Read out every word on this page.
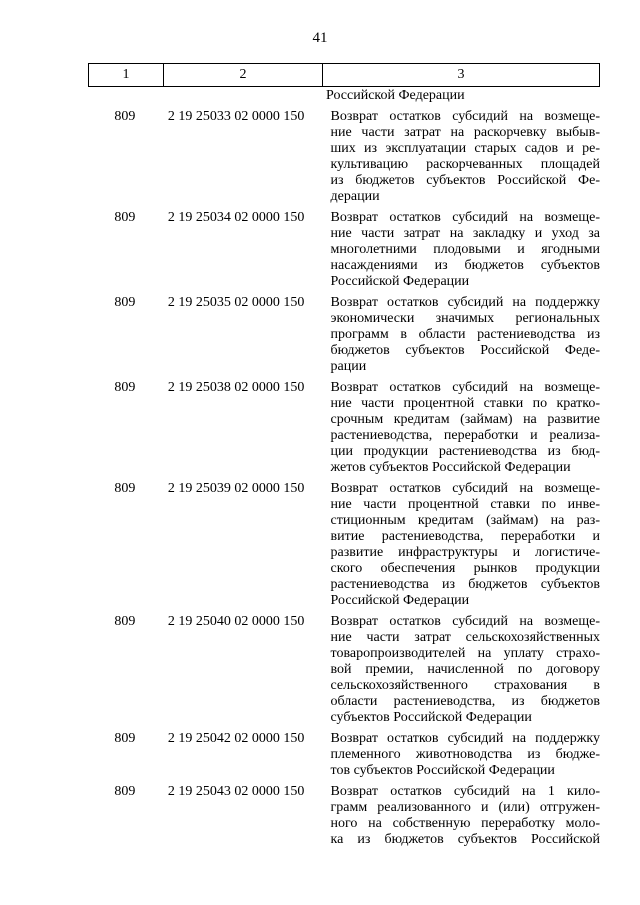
41
1	2	3
Российской Федерации
809	2 19 25033 02 0000 150	Возврат остатков субсидий на возмеще-
ние части затрат на раскорчевку выбыв-
ших из эксплуатации старых садов и ре-
культивацию раскорчеванных площадей
из бюджетов субъектов Российской Фе-
дерации
809	2 19 25034 02 0000 150	Возврат остатков субсидий на возмеще-
ние части затрат на закладку и уход за
многолетними плодовыми и ягодными
насаждениями из бюджетов субъектов
Российской Федерации
809	2 19 25035 02 0000 150	Возврат остатков субсидий на поддержку
экономически значимых региональных
программ в области растениеводства из
бюджетов субъектов Российской Феде-
рации
809	2 19 25038 02 0000 150	Возврат остатков субсидий на возмеще-
ние части процентной ставки по кратко-
срочным кредитам (займам) на развитие
растениеводства, переработки и реализа-
ции продукции растениеводства из бюд-
жетов субъектов Российской Федерации
809	2 19 25039 02 0000 150	Возврат остатков субсидий на возмеще-
ние части процентной ставки по инве-
стиционным кредитам (займам) на раз-
витие растениеводства, переработки и
развитие инфраструктуры и логистиче-
ского обеспечения рынков продукции
растениеводства из бюджетов субъектов
Российской Федерации
809	2 19 25040 02 0000 150	Возврат остатков субсидий на возмеще-
ние части затрат сельскохозяйственных
товаропроизводителей на уплату страхо-
вой премии, начисленной по договору
сельскохозяйственного страхования в
области растениеводства, из бюджетов
субъектов Российской Федерации
809	2 19 25042 02 0000 150	Возврат остатков субсидий на поддержку
племенного животноводства из бюдже-
тов субъектов Российской Федерации
809	2 19 25043 02 0000 150	Возврат остатков субсидий на 1 кило-
грамм реализованного и (или) отгружен-
ного на собственную переработку моло-
ка из бюджетов субъектов Российской
